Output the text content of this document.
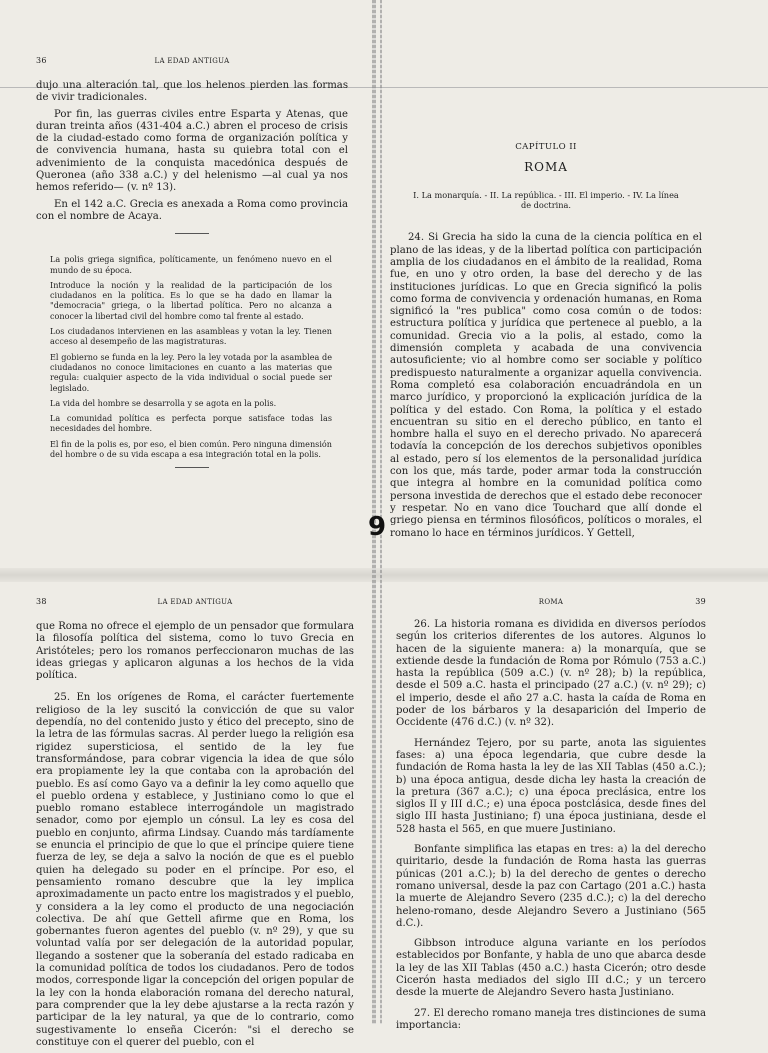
36	LA EDAD ANTIGUA

dujo una alteración tal, que los helenos pierden las formas de vivir tradicionales.

Por fin, las guerras civiles entre Esparta y Atenas, que duran treinta años (431-404 a.C.) abren el proceso de crisis de la ciudad-estado como forma de organización política y de convivencia humana, hasta su quiebra total con el advenimiento de la conquista macedónica después de Queronea (año 338 a.C.) y del helenismo —al cual ya nos hemos referido— (v. nº 13).

En el 142 a.C. Grecia es anexada a Roma como provincia con el nombre de Acaya.

La polis griega significa, políticamente, un fenómeno nuevo en el mundo de su época.

Introduce la noción y la realidad de la participación de los ciudadanos en la política. Es lo que se ha dado en llamar la "democracia" griega, o la libertad política. Pero no alcanza a conocer la libertad civil del hombre como tal frente al estado.

Los ciudadanos intervienen en las asambleas y votan la ley. Tienen acceso al desempeño de las magistraturas.

El gobierno se funda en la ley. Pero la ley votada por la asamblea de ciudadanos no conoce limitaciones en cuanto a las materias que regula: cualquier aspecto de la vida individual o social puede ser legislado.

La vida del hombre se desarrolla y se agota en la polis.

La comunidad política es perfecta porque satisface todas las necesidades del hombre.

El fin de la polis es, por eso, el bien común. Pero ninguna dimensión del hombre o de su vida escapa a esa integración total en la polis.

CAPÍTULO II
ROMA
I. La monarquía. - II. La república. - III. El imperio. - IV. La línea de doctrina.

24. Si Grecia ha sido la cuna de la ciencia política en el plano de las ideas, y de la libertad política con participación amplia de los ciudadanos en el ámbito de la realidad, Roma fue, en uno y otro orden, la base del derecho y de las instituciones jurídicas. Lo que en Grecia significó la polis como forma de convivencia y ordenación humanas, en Roma significó la "res publica" como cosa común o de todos: estructura política y jurídica que pertenece al pueblo, a la comunidad. Grecia vio a la polis, al estado, como la dimensión completa y acabada de una convivencia autosuficiente; vio al hombre como ser sociable y político predispuesto naturalmente a organizar aquella convivencia. Roma completó esa colaboración encuadrándola en un marco jurídico, y proporcionó la explicación jurídica de la política y del estado. Con Roma, la política y el estado encuentran su sitio en el derecho público, en tanto el hombre halla el suyo en el derecho privado. No aparecerá todavía la concepción de los derechos subjetivos oponibles al estado, pero sí los elementos de la personalidad jurídica con los que, más tarde, poder armar toda la construcción que integra al hombre en la comunidad política como persona investida de derechos que el estado debe reconocer y respetar. No en vano dice Touchard que allí donde el griego piensa en términos filosóficos, políticos o morales, el romano lo hace en términos jurídicos. Y Gettell,

9
38	LA EDAD ANTIGUA

que Roma no ofrece el ejemplo de un pensador que formulara la filosofía política del sistema, como lo tuvo Grecia en Aristóteles; pero los romanos perfeccionaron muchas de las ideas griegas y aplicaron algunas a los hechos de la vida política.

25. En los orígenes de Roma, el carácter fuertemente religioso de la ley suscitó la convicción de que su valor dependía, no del contenido justo y ético del precepto, sino de la letra de las fórmulas sacras. Al perder luego la religión esa rigidez supersticiosa, el sentido de la ley fue transformándose, para cobrar vigencia la idea de que sólo era propiamente ley la que contaba con la aprobación del pueblo. Es así como Gayo va a definir la ley como aquello que el pueblo ordena y establece, y Justiniano como lo que el pueblo romano establece interrogándole un magistrado senador, como por ejemplo un cónsul. La ley es cosa del pueblo en conjunto, afirma Lindsay. Cuando más tardíamente se enuncia el principio de que lo que el príncipe quiere tiene fuerza de ley, se deja a salvo la noción de que es el pueblo quien ha delegado su poder en el príncipe. Por eso, el pensamiento romano descubre que la ley implica aproximadamente un pacto entre los magistrados y el pueblo, y considera a la ley como el producto de una negociación colectiva. De ahí que Gettell afirme que en Roma, los gobernantes fueron agentes del pueblo (v. nº 29), y que su voluntad valía por ser delegación de la autoridad popular, llegando a sostener que la soberanía del estado radicaba en la comunidad política de todos los ciudadanos. Pero de todos modos, corresponde ligar la concepción del origen popular de la ley con la honda elaboración romana del derecho natural, para comprender que la ley debe ajustarse a la recta razón y participar de la ley natural, ya que de lo contrario, como sugestivamente lo enseña Cicerón: "si el derecho se constituye con el querer del pueblo, con el

ROMA	39

26. La historia romana es dividida en diversos períodos según los criterios diferentes de los autores. Algunos lo hacen de la siguiente manera: a) la monarquía, que se extiende desde la fundación de Roma por Rómulo (753 a.C.) hasta la república (509 a.C.) (v. nº 28); b) la república, desde el 509 a.C. hasta el principado (27 a.C.) (v. nº 29); c) el imperio, desde el año 27 a.C. hasta la caída de Roma en poder de los bárbaros y la desaparición del Imperio de Occidente (476 d.C.) (v. nº 32).

Hernández Tejero, por su parte, anota las siguientes fases: a) una época legendaria, que cubre desde la fundación de Roma hasta la ley de las XII Tablas (450 a.C.); b) una época antigua, desde dicha ley hasta la creación de la pretura (367 a.C.); c) una época preclásica, entre los siglos II y III d.C.; e) una época postclásica, desde fines del siglo III hasta Justiniano; f) una época justiniana, desde el 528 hasta el 565, en que muere Justiniano.

Bonfante simplifica las etapas en tres: a) la del derecho quiritario, desde la fundación de Roma hasta las guerras púnicas (201 a.C.); b) la del derecho de gentes o derecho romano universal, desde la paz con Cartago (201 a.C.) hasta la muerte de Alejandro Severo (235 d.C.); c) la del derecho heleno-romano, desde Alejandro Severo a Justiniano (565 d.C.).

Gibbson introduce alguna variante en los períodos establecidos por Bonfante, y habla de uno que abarca desde la ley de las XII Tablas (450 a.C.) hasta Cicerón; otro desde Cicerón hasta mediados del siglo III d.C.; y un tercero desde la muerte de Alejandro Severo hasta Justiniano.

27. El derecho romano maneja tres distinciones de suma importancia:
